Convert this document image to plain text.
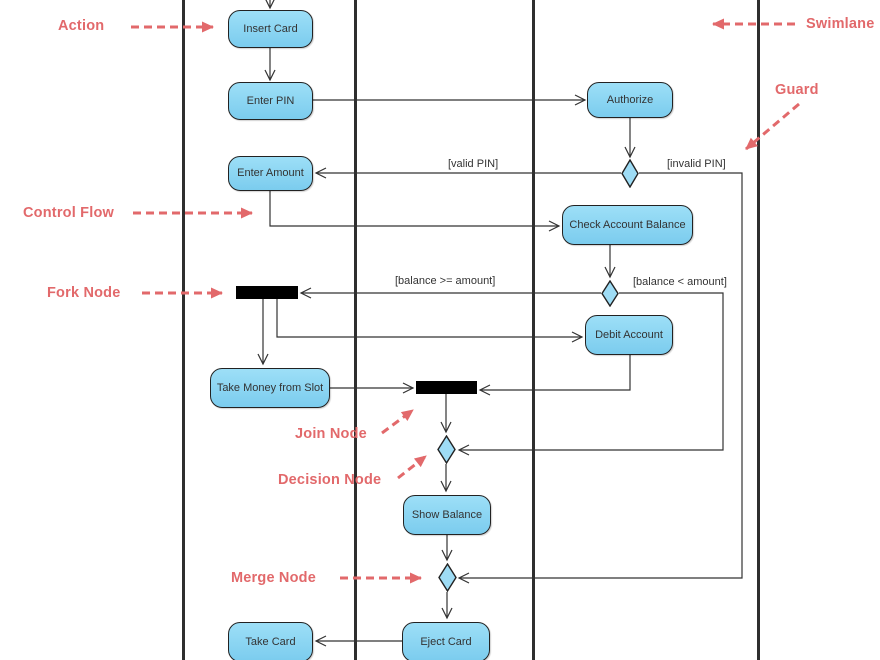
Insert Card
Enter PIN
Enter Amount
Authorize
Check Account Balance
Debit Account
Take Money from Slot
Show Balance
Eject Card
Take Card
[valid PIN]	[invalid PIN]
[balance >= amount]	[balance < amount]
Action	Swimlane
Guard
Control Flow
Fork Node
Join Node
Decision Node
Merge Node
